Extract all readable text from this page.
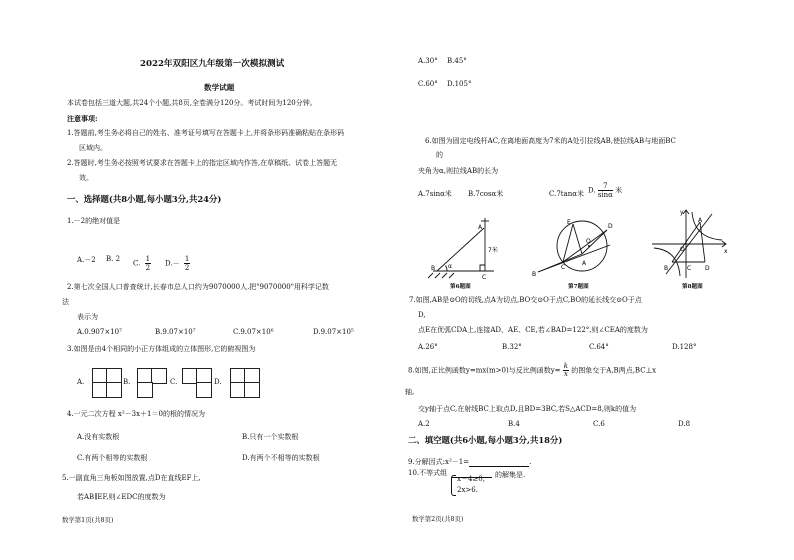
2022年双阳区九年级第一次模拟测试
数学试题
本试卷包括三道大题,共24个小题,共8页,全卷满分120分。考试时间为120分钟。
注意事项:
1.答题前,考生务必将自己的姓名、准考证号填写在答题卡上,并将条形码准确粘贴在条形码
区域内。
2.答题时,考生务必按照考试要求在答题卡上的指定区域内作答,在草稿纸、试卷上答题无
效。
一、选择题(共8小题,每小题3分,共24分)
1.－2的绝对值是
A.－2 B. 2
C. $\frac{1}{2} D.- \frac{1}{2}$
2.第七次全国人口普查统计,长春市总人口约为9070000人.把"9070000"用科学记数
法
表示为
A.0.907×10⁷	B.9.07×10⁷	C.9.07×10⁶	D.9.07×10⁵
3.如图是由4个相同的小正方体组成的立体图形,它的俯视图为
A.	B.	C.	D.
4.一元二次方程 x²－3x＋1＝0的根的情况为
A.没有实数根	B.只有一个实数根
C.有两个相等的实数根	D.有两个不相等的实数根
5.一副直角三角板如图放置,点D在直线EF上,
若AB∥EF,则∠EDC的度数为
数学第1页(共8页)
A.30° B.45°
C.60° D.105°
6.如图为固定电线杆AC,在离地面高度为7米的A处引拉线AB,使拉线AB与地面BC
的
夹角为α,则拉线AB的长为
A.7sinα米 B.7cosα米	C.7tanα米 D. $\frac{7}{\sin\alpha}$ 米
A
B
C
α
7米
第6题图
E
D
O
C
A
B
第7题图
y
x
O
A
B	C D
第8题图
7.如图,AB是⊙O的切线,点A为切点,BO交⊙O于点C,BO的延长线交⊙O于点
D,
点E在优弧CDA上,连接AD、AE、CE,若∠BAD=122°,则∠CEA的度数为
A.26°	B.32°	C.64°	D.128°
8.如图,正比例函数y=mx(m>0)与反比例函数$y= \frac{k}{x}$ 的图象交于A,B两点,BC⊥x
轴,
交y轴于点C,在射线BC上取点D,且BD=3BC,若S△ACD=8,则k的值为
A.2	B.4	C.6	D.8
二、填空题(共6小题,每小题3分,共18分)
9.分解因式:x²－1=	.
10.不等式组
x－4≥0,
2x>6.
的解集是.
数学第2页(共8页)
